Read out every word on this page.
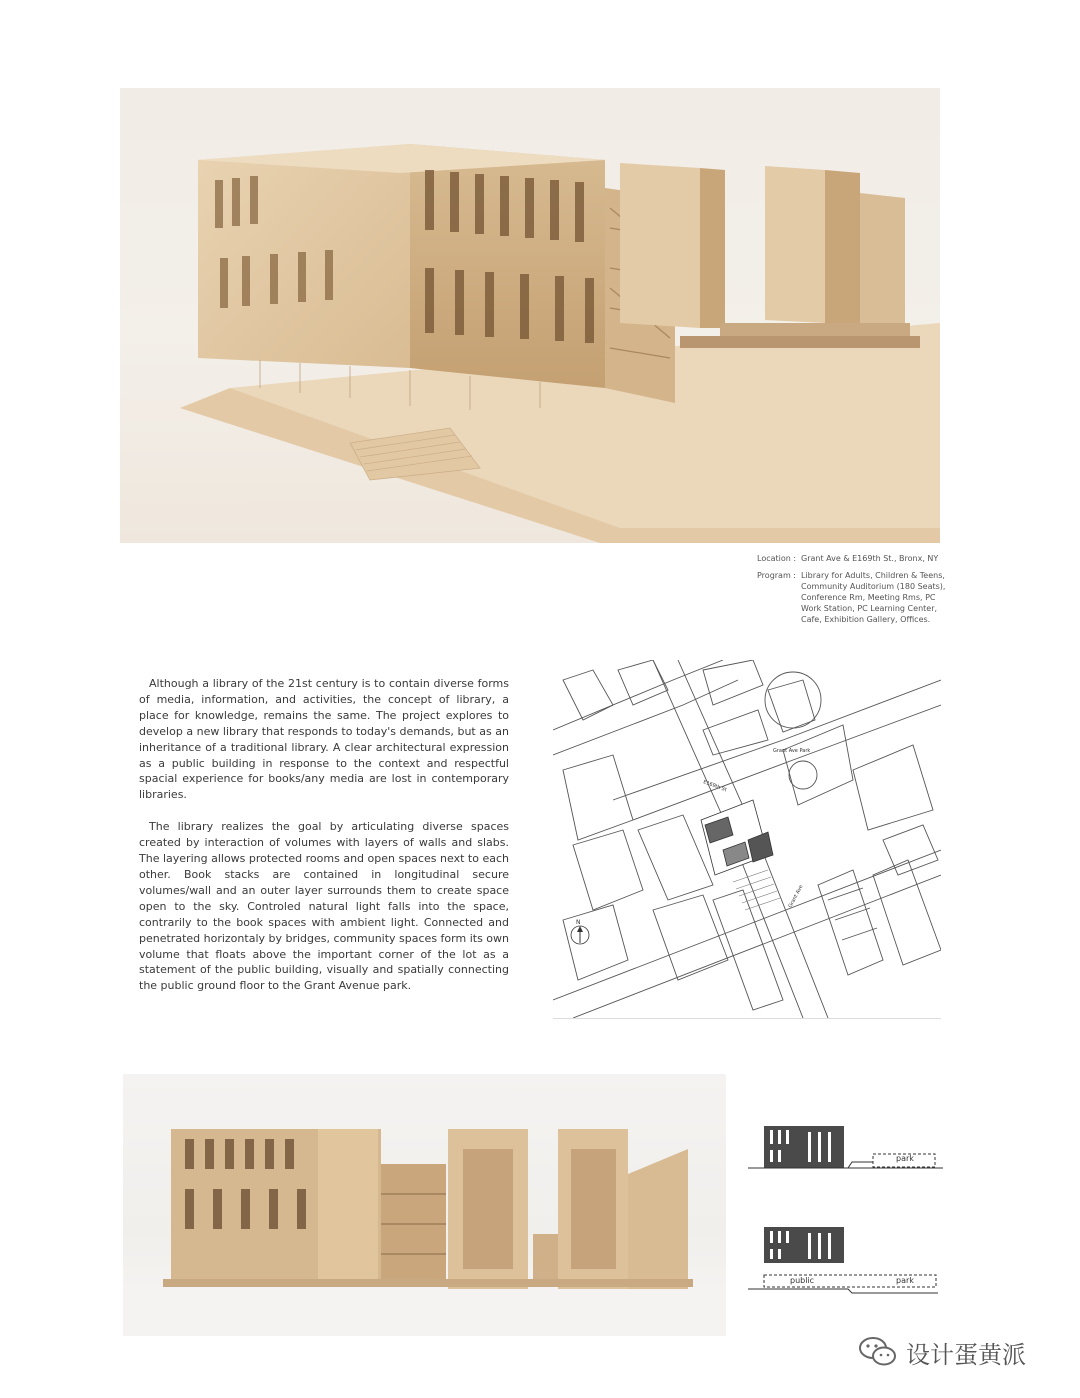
Location : Grant Ave & E169th St., Bronx, NY
Program : Library for Adults, Children & Teens, Community Auditorium (180 Seats), Conference Rm, Meeting Rms, PC Work Station, PC Learning Center, Cafe, Exhibition Gallery, Offices.

Although a library of the 21st century is to contain diverse forms of media, information, and activities, the concept of library, a place for knowledge, remains the same. The project explores to develop a new library that responds to today's demands, but as an inheritance of a traditional library. A clear architectural expression as a public building in response to the context and respectful spacial experience for books/any media are lost in contemporary libraries.

The library realizes the goal by articulating diverse spaces created by interaction of volumes with layers of walls and slabs. The layering allows protected rooms and open spaces next to each other. Book stacks are contained in longitudinal secure volumes/wall and an outer layer surrounds them to create space open to the sky. Controled natural light falls into the space, contrarily to the book spaces with ambient light. Connected and penetrated horizontaly by bridges, community spaces form its own volume that floats above the important corner of the lot as a statement of the public building, visually and spatially connecting the public ground floor to the Grant Avenue park.

N
Grant Ave Park
E169th St
Grant Ave
park
public	park
设计蛋黄派
